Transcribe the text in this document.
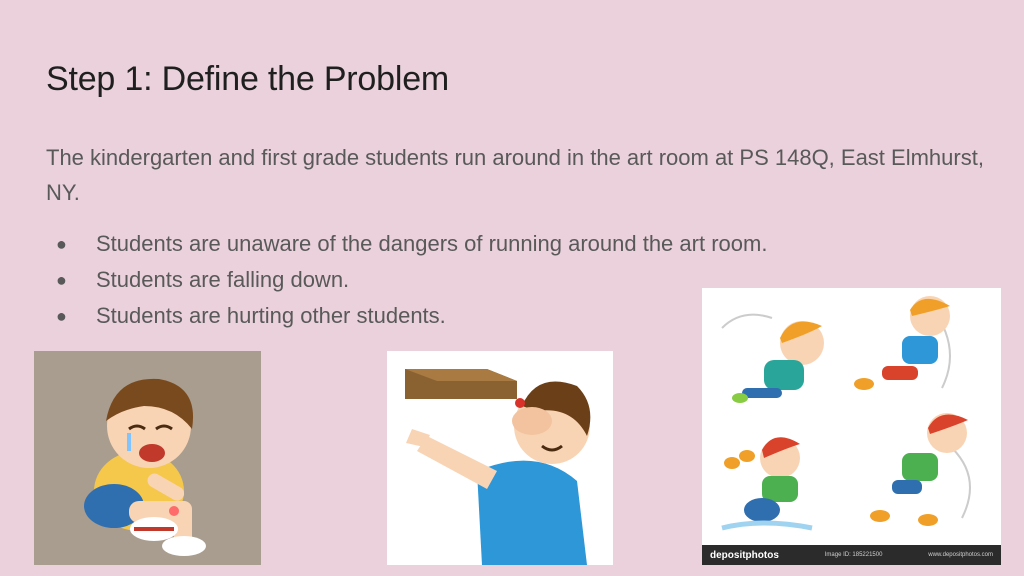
Step 1: Define the Problem
The kindergarten and first grade students run around in the art room at PS 148Q, East Elmhurst, NY.
●	Students are unaware of the dangers of running around the art room.
●	Students are falling down.
●	Students are hurting other students.
depositphotos	Image ID: 185221500	www.depositphotos.com
